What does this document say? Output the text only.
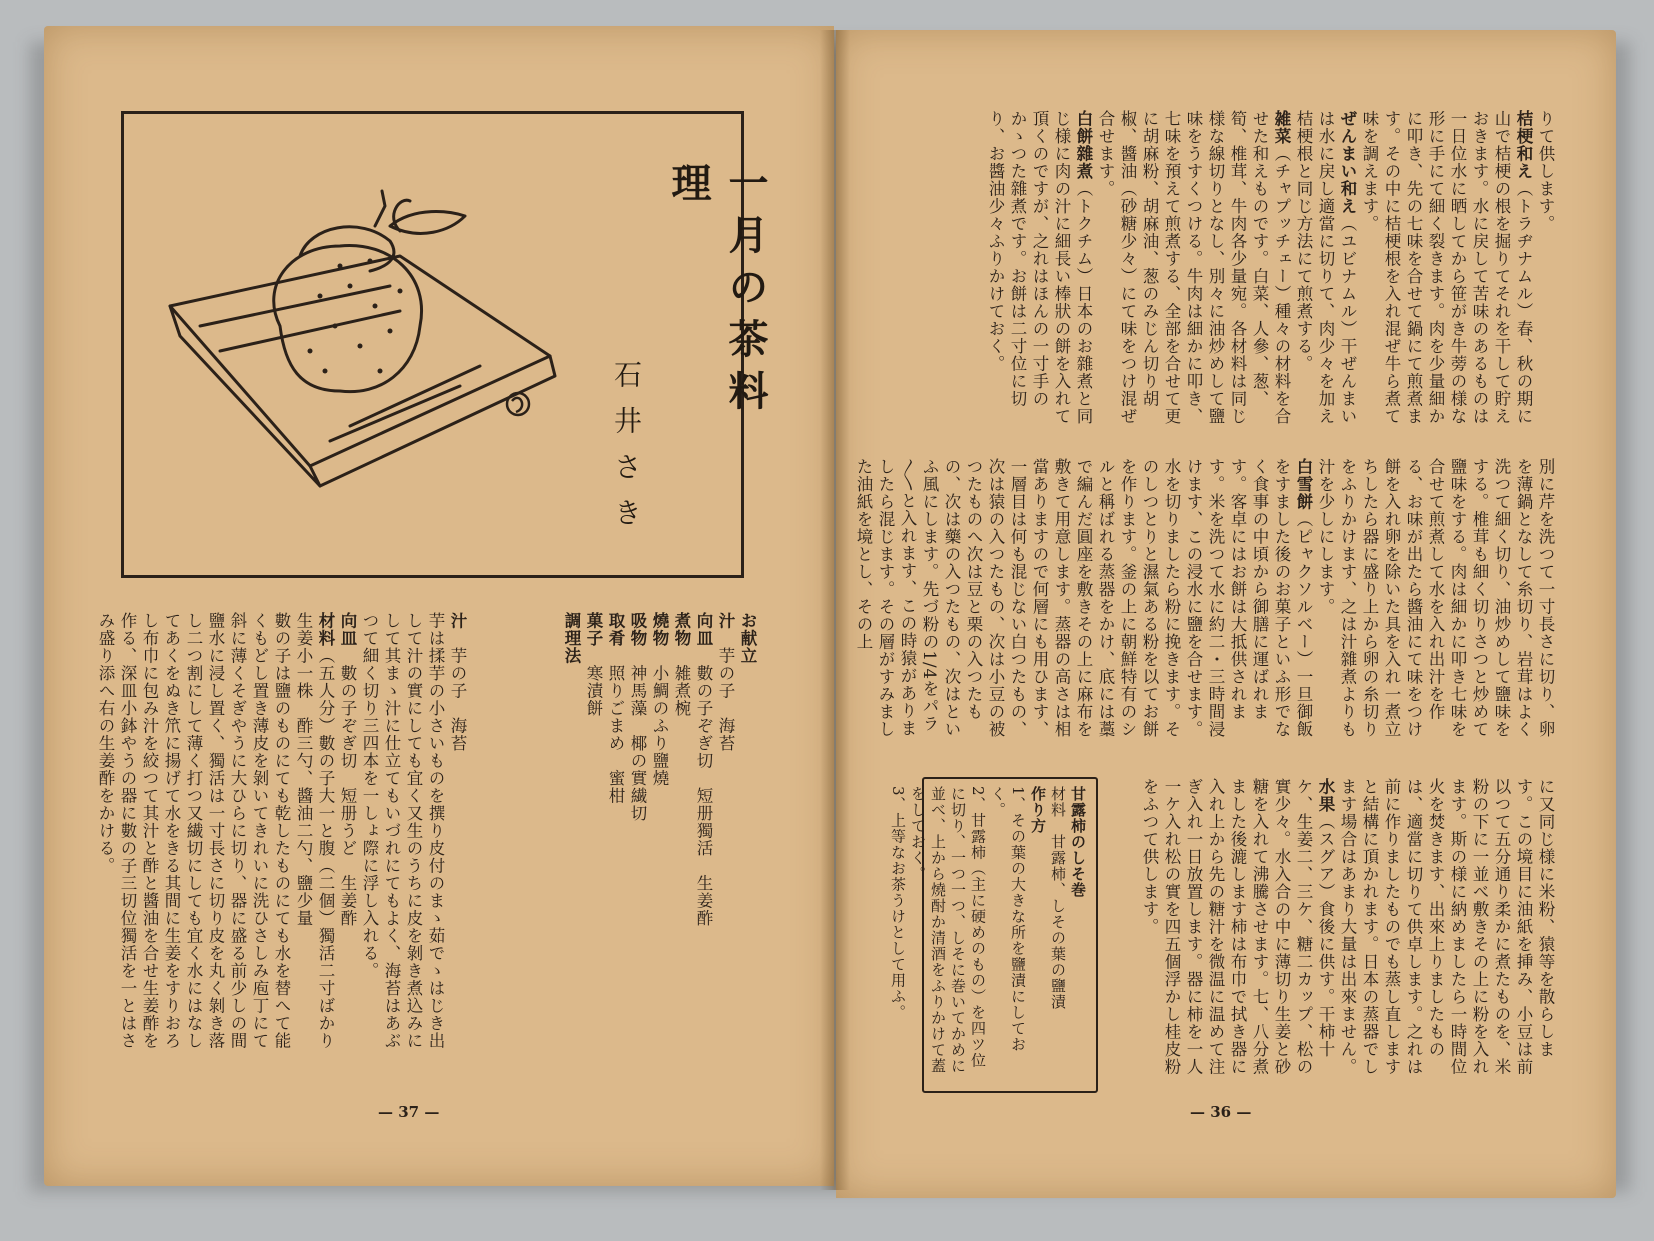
一月の茶料理
石井さき

お献立

汁　芋の子　海苔

向皿　數の子ぞぎ切　短册獨活　生姜酢

煮物　雑煮椀

燒物　小鯛のふり鹽燒

吸物　神馬藻　椰の實繊切

取肴　照りごまめ　蜜柑

菓子　寒漬餅

調理法

汁　芋の子　海苔

芋は揉芋の小さいものを撰り皮付のまゝ茹でゝはじき出して汁の實にしても宜く又生のうちに皮を剝き煮込みにして其まゝ汁に仕立てもいづれにてもよく、海苔はあぶつて細く切り三四本を一しょ際に浮し入れる。

向皿　數の子ぞぎ切　短册うど　生姜酢

材料（五人分）數の子大一と腹（二個）獨活二寸ばかり　生姜小一株　酢三勺、醬油二勺、鹽少量

數の子は鹽のものにても乾したものにても水を替へて能くもどし置き薄皮を剝いてきれいに洗ひさしみ庖丁にて斜に薄くそぎやうに大ひらに切り、器に盛る前少しの間鹽水に浸し置く、獨活は一寸長さに切り皮を丸く剝き落し二つ割にして薄く打つ又繊切にしても宜く水にはなしてあくをぬき笊に揚げて水をきる其間に生姜をすりおろし布巾に包み汁を絞つて其汁と酢と醬油を合せ生姜酢を作る、深皿小鉢やうの器に數の子三切位獨活を一とはさみ盛り添へ右の生姜酢をかける。

— 37 —

りて供します。

桔梗和え（トラヂナムル）春、秋の期に山で桔梗の根を掘りてそれを干して貯えおきます。水に戻して苦味のあるものは一日位水に晒してから笹がき牛蒡の様な形に手にて細く裂きます。肉を少量細かに叩き、先の七味を合せて鍋にて煎煮ます。その中に桔梗根を入れ混ぜ牛ら煮て味を調えます。

ぜんまい和え（ユビナムル）干ぜんまいは水に戻し適當に切りて、肉少々を加え桔梗根と同じ方法にて煎煮する。

雑菜（チャプッチェー）種々の材料を合せた和えものです。白菜、人參、葱、筍、椎茸、牛肉各少量宛。各材料は同じ様な線切りとなし、別々に油炒めして鹽味をうすくつける。牛肉は細かに叩き、七味を預えて煎煮する、全部を合せて更に胡麻粉、胡麻油、葱のみじん切り胡椒、醬油（砂糖少々）にて味をつけ混ぜ合せます。

白餅雜煮（トクチム）日本のお雜煮と同じ様に肉の汁に細長い棒狀の餅を入れて頂くのですが、之れはほんの一寸手のかゝつた雜煮です。お餅は二寸位に切り、お醬油少々ふりかけておく。

別に芹を洗つて一寸長さに切り、卵を薄鍋となして糸切り、岩茸はよく洗つて細く切り、油炒めして鹽味をする。椎茸も細く切りさつと炒めて鹽味をする。肉は細かに叩き七味を合せて煎煮して水を入れ出汁を作る、お味が出たら醬油にて味をつけ餅を入れ卵を除いた具を入れ一煮立ちしたら器に盛り上から卵の糸切りをふりかけます、之は汁雜煮よりも汁を少しにします。

白雪餅（ピャクソルベー）一旦御飯をすました後のお菓子といふ形でなく食事の中頃から御膳に運ばれます。客卓にはお餅は大抵供されます。米を洗つて水に約二・三時間浸けます、この浸水に鹽を合せます。水を切りましたら粉に挽きます。そのしつとりと濕氣ある粉を以てお餅を作ります。釜の上に朝鮮特有のシルと稱ばれる蒸器をかけ、底には藁で編んだ圓座を敷きその上に麻布を敷きて用意します。蒸器の高さは相當ありますので何層にも用ひます、一層目は何も混じない白つたもの、次は猿の入つたもの、次は小豆の被つたものへ次は豆と栗の入つたもの、次は藥の入つたもの、次はといふ風にします。先づ粉の1/4をパラ〳〵と入れます、この時猿がありましたら混じます。その層がすみました油紙を境とし、その上

に又同じ様に米粉、猿等を散らします。この境目に油紙を挿み、小豆は前以つて五分通り柔かに煮たものを、米粉の下に一並べ敷きその上に粉を入れます。斯の様に納めましたら一時間位火を焚きます、出來上りましたものは、適當に切りて供卓します。之れは前に作りましたものでも蒸し直しますと結構に頂かれます。日本の蒸器でします場合はあまり大量は出來ません。

水果（スグア）食後に供す。干柿十ケ、生姜二、三ケ、糖二カップ、松の實少々。水入合の中に薄切り生姜と砂糖を入れて沸騰させます。七、八分煮ました後漉します柿は布巾で拭き器に入れ上から先の糖汁を微温に温めて注ぎ入れ一日放置します。器に柿を一人一ケ入れ松の實を四五個浮かし桂皮粉をふつて供します。

甘露柿のしそ巻

材料　甘露柿、しその葉の鹽漬

作り方

1、その葉の大きな所を鹽漬にしておく。

2、甘露柿（主に硬めのもの）を四ツ位に切り、一つ一つ、しそに巻いてかめに並べ、上から燒酎か清酒をふりかけて蓋をしておく。

3、上等なお茶うけとして用ふ。

— 36 —
